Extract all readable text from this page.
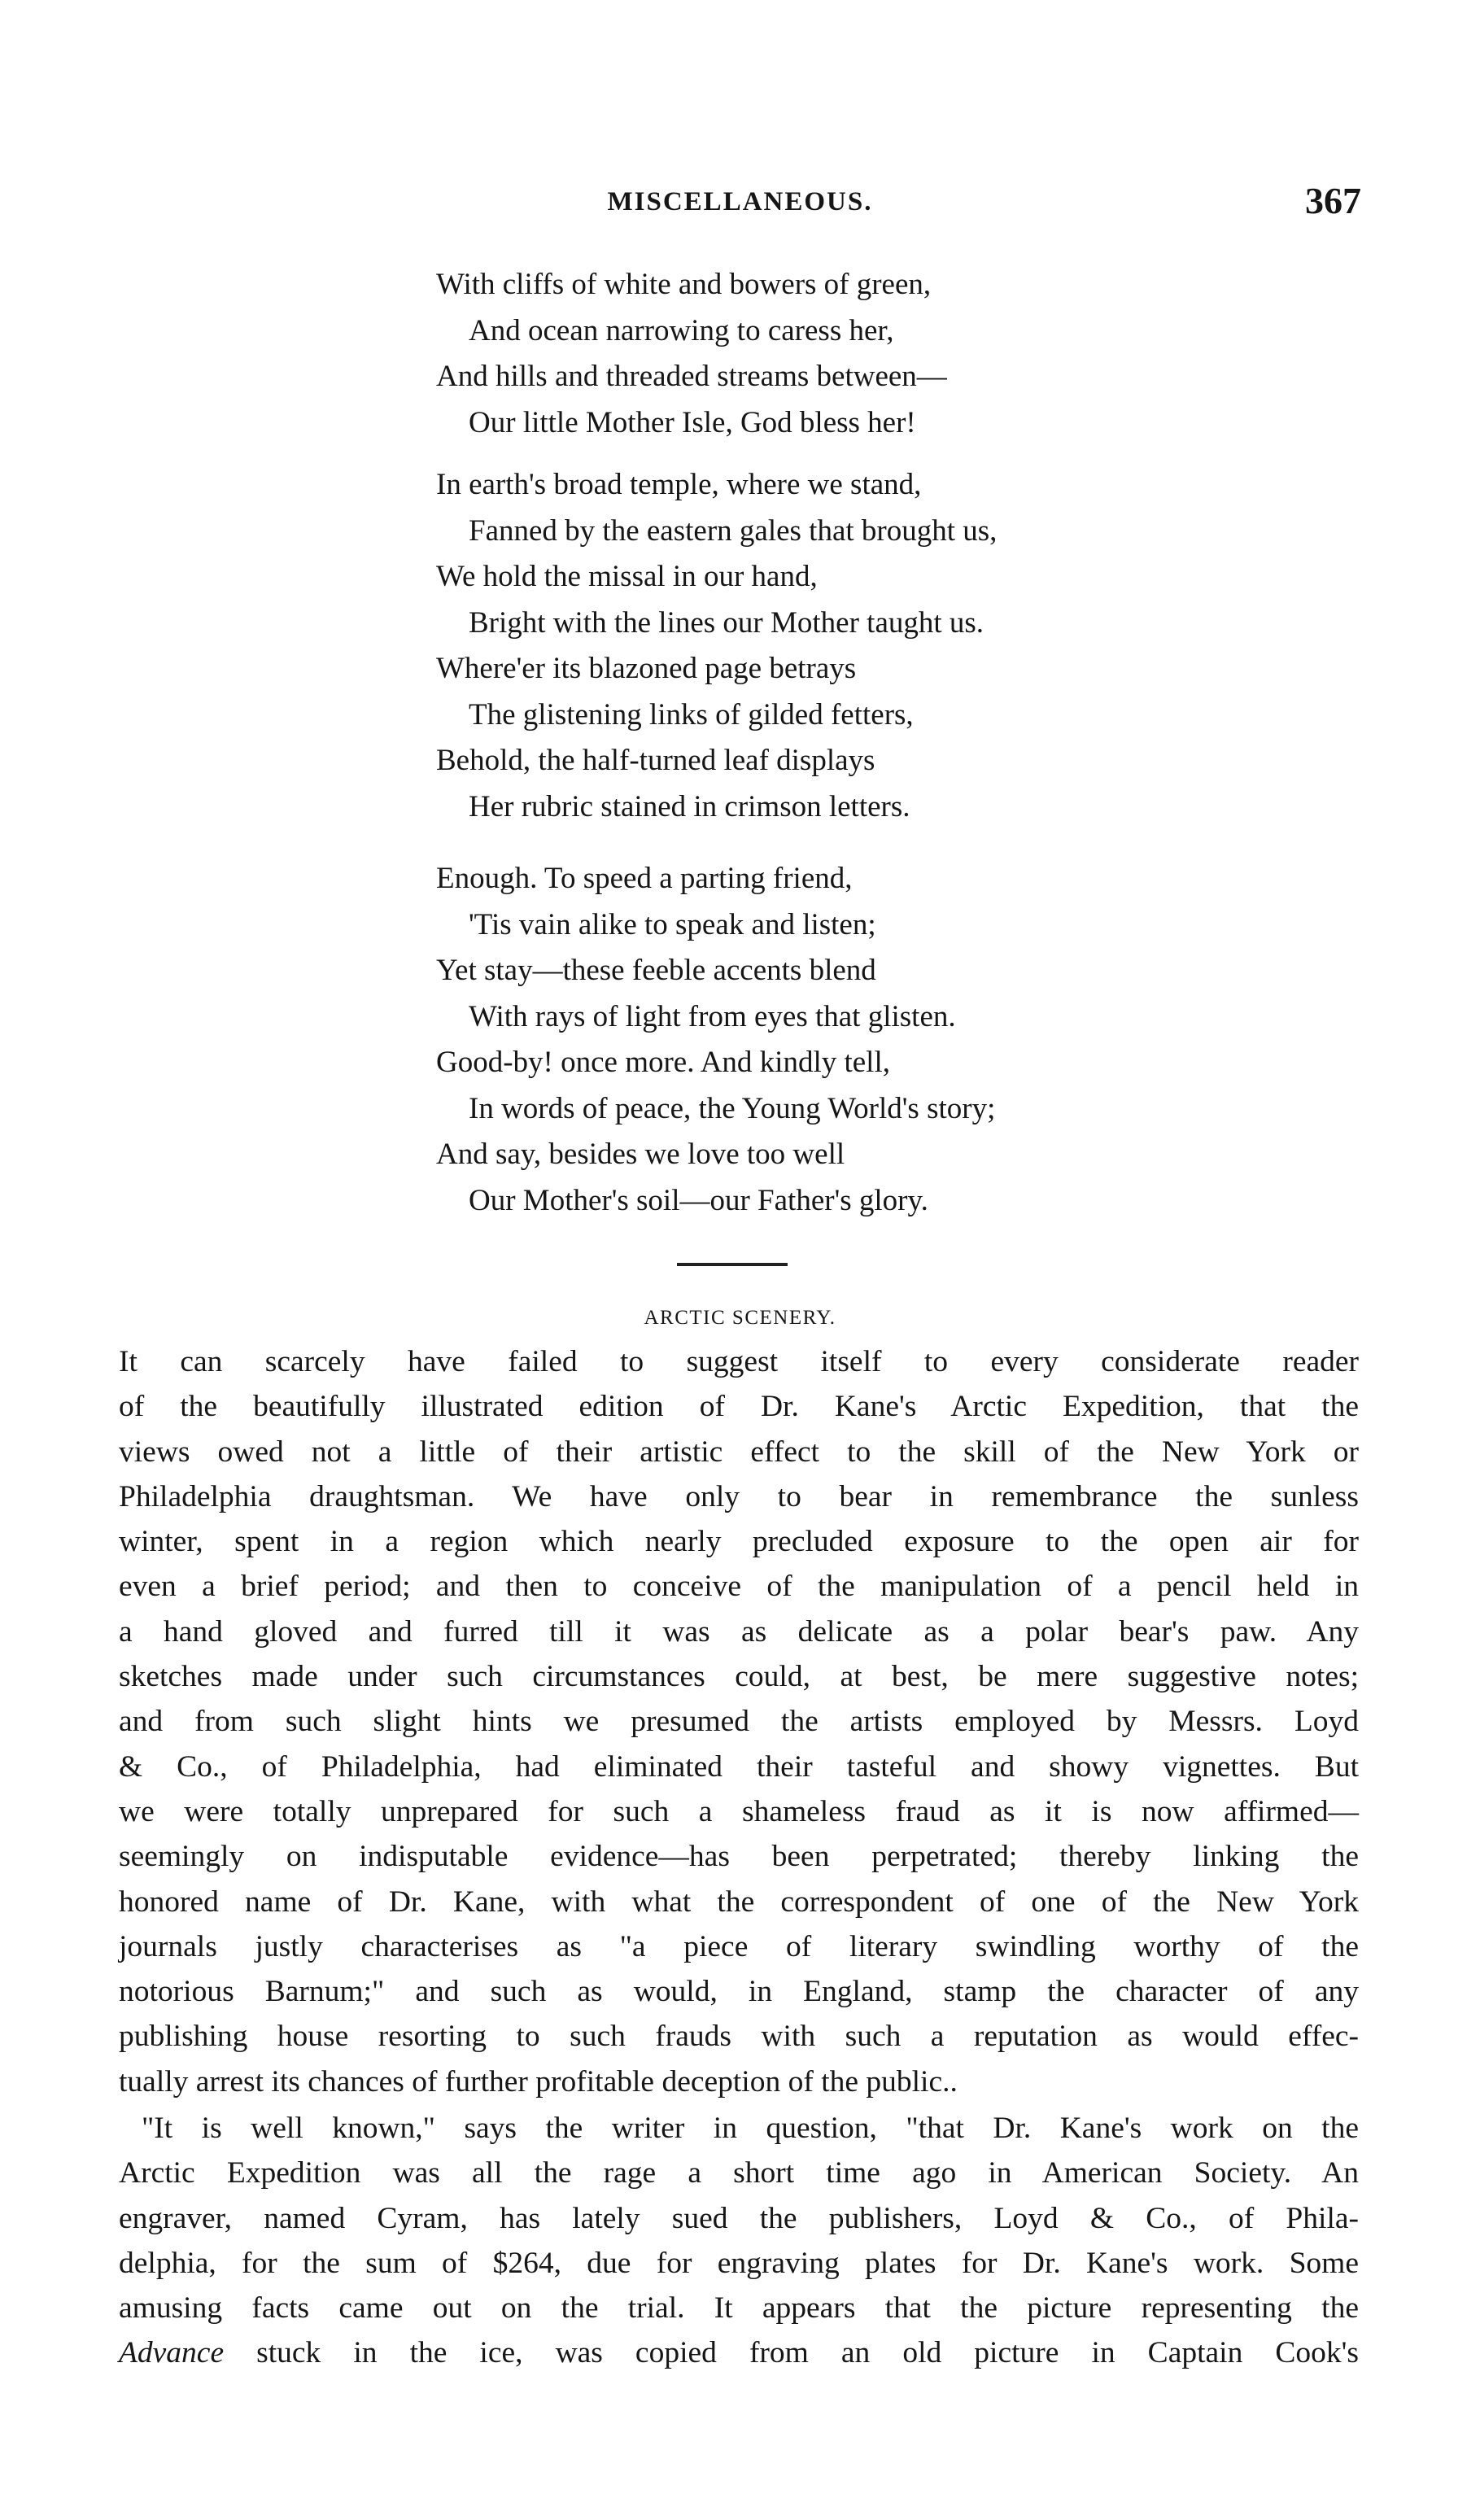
MISCELLANEOUS.	367
With cliffs of white and bowers of green,
And ocean narrowing to caress her,
And hills and threaded streams between—
Our little Mother Isle, God bless her!
In earth's broad temple, where we stand,
Fanned by the eastern gales that brought us,
We hold the missal in our hand,
Bright with the lines our Mother taught us.
Where'er its blazoned page betrays
The glistening links of gilded fetters,
Behold, the half-turned leaf displays
Her rubric stained in crimson letters.
Enough. To speed a parting friend,
'Tis vain alike to speak and listen;
Yet stay—these feeble accents blend
With rays of light from eyes that glisten.
Good-by! once more. And kindly tell,
In words of peace, the Young World's story;
And say, besides we love too well
Our Mother's soil—our Father's glory.
ARCTIC SCENERY.
It can scarcely have failed to suggest itself to every considerate reader
of the beautifully illustrated edition of Dr. Kane's Arctic Expedition, that the
views owed not a little of their artistic effect to the skill of the New York or
Philadelphia draughtsman. We have only to bear in remembrance the sunless
winter, spent in a region which nearly precluded exposure to the open air for
even a brief period; and then to conceive of the manipulation of a pencil held in
a hand gloved and furred till it was as delicate as a polar bear's paw. Any
sketches made under such circumstances could, at best, be mere suggestive notes;
and from such slight hints we presumed the artists employed by Messrs. Loyd
& Co., of Philadelphia, had eliminated their tasteful and showy vignettes. But
we were totally unprepared for such a shameless fraud as it is now affirmed—
seemingly on indisputable evidence—has been perpetrated; thereby linking the
honored name of Dr. Kane, with what the correspondent of one of the New York
journals justly characterises as "a piece of literary swindling worthy of the
notorious Barnum;" and such as would, in England, stamp the character of any
publishing house resorting to such frauds with such a reputation as would effec-
tually arrest its chances of further profitable deception of the public..
"It is well known," says the writer in question, "that Dr. Kane's work on the
Arctic Expedition was all the rage a short time ago in American Society. An
engraver, named Cyram, has lately sued the publishers, Loyd & Co., of Phila-
delphia, for the sum of $264, due for engraving plates for Dr. Kane's work. Some
amusing facts came out on the trial. It appears that the picture representing the
Advance stuck in the ice, was copied from an old picture in Captain Cook's
